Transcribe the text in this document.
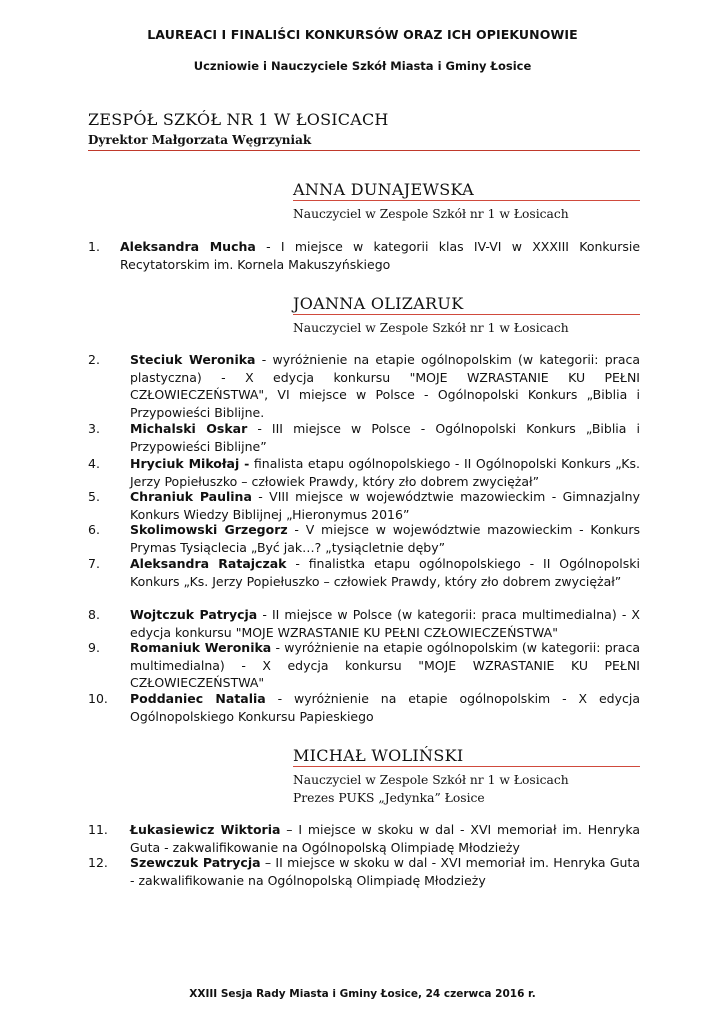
LAUREACI I FINALIŚCI KONKURSÓW ORAZ ICH OPIEKUNOWIE
Uczniowie i Nauczyciele Szkół Miasta i Gminy Łosice
ZESPÓŁ SZKÓŁ NR 1 W ŁOSICACH
Dyrektor Małgorzata Węgrzyniak
ANNA DUNAJEWSKA
Nauczyciel w Zespole Szkół nr 1 w Łosicach
1. Aleksandra Mucha - I miejsce w kategorii klas IV-VI w XXXIII Konkursie Recytatorskim im. Kornela Makuszyńskiego
JOANNA OLIZARUK
Nauczyciel w Zespole Szkół nr 1 w Łosicach
2. Steciuk Weronika - wyróżnienie na etapie ogólnopolskim (w kategorii: praca plastyczna) - X edycja konkursu "MOJE WZRASTANIE KU PEŁNI CZŁOWIECZEŃSTWA", VI miejsce w Polsce - Ogólnopolski Konkurs „Biblia i Przypowieści Biblijne.
3. Michalski Oskar - III miejsce w Polsce - Ogólnopolski Konkurs „Biblia i Przypowieści Biblijne”
4. Hryciuk Mikołaj - finalista etapu ogólnopolskiego - II Ogólnopolski Konkurs „Ks. Jerzy Popiełuszko – człowiek Prawdy, który zło dobrem zwyciężał”
5. Chraniuk Paulina - VIII miejsce w województwie mazowieckim - Gimnazjalny Konkurs Wiedzy Biblijnej „Hieronymus 2016”
6. Skolimowski Grzegorz - V miejsce w województwie mazowieckim - Konkurs Prymas Tysiąclecia „Być jak…? „tysiącletnie dęby”
7. Aleksandra Ratajczak - finalistka etapu ogólnopolskiego - II Ogólnopolski Konkurs „Ks. Jerzy Popiełuszko – człowiek Prawdy, który zło dobrem zwyciężał”
8. Wojtczuk Patrycja - II miejsce w Polsce (w kategorii: praca multimedialna) - X edycja konkursu "MOJE WZRASTANIE KU PEŁNI CZŁOWIECZEŃSTWA"
9. Romaniuk Weronika - wyróżnienie na etapie ogólnopolskim (w kategorii: praca multimedialna) - X edycja konkursu "MOJE WZRASTANIE KU PEŁNI CZŁOWIECZEŃSTWA"
10. Poddaniec Natalia - wyróżnienie na etapie ogólnopolskim - X edycja Ogólnopolskiego Konkursu Papieskiego
MICHAŁ WOLIŃSKI
Nauczyciel w Zespole Szkół nr 1 w Łosicach
Prezes PUKS „Jedynka” Łosice
11. Łukasiewicz Wiktoria – I miejsce w skoku w dal - XVI memoriał im. Henryka Guta - zakwalifikowanie na Ogólnopolską Olimpiadę Młodzieży
12. Szewczuk Patrycja – II miejsce w skoku w dal - XVI memoriał im. Henryka Guta - zakwalifikowanie na Ogólnopolską Olimpiadę Młodzieży
XXIII Sesja Rady Miasta i Gminy Łosice, 24 czerwca 2016 r.
